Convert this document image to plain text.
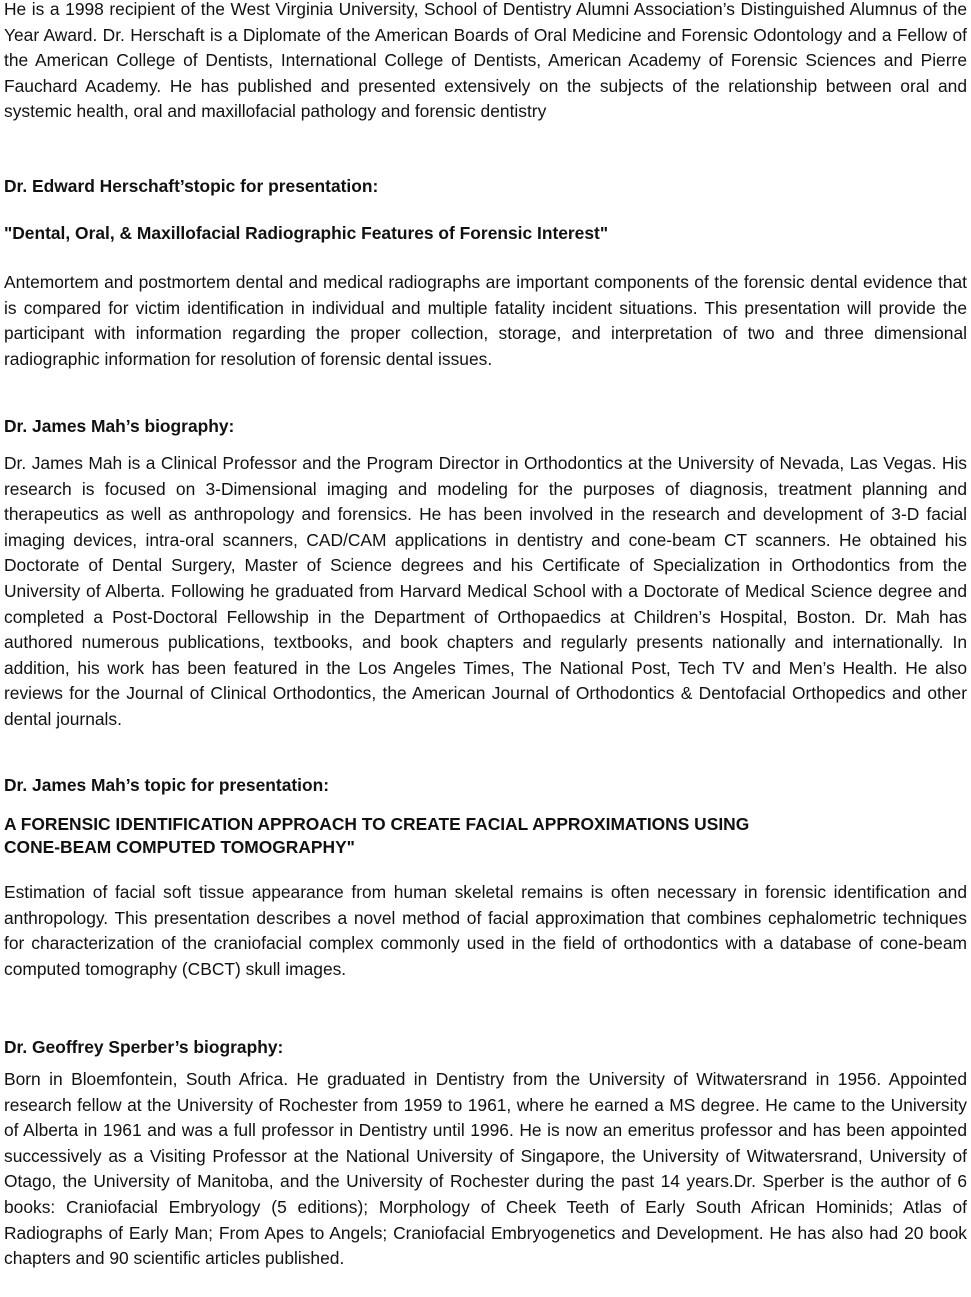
He is a 1998 recipient of the West Virginia University, School of Dentistry Alumni Association’s Distinguished Alumnus of the Year Award. Dr. Herschaft is a Diplomate of the American Boards of Oral Medicine and Forensic Odontology and a Fellow of the American College of Dentists, International College of Dentists, American Academy of Forensic Sciences and Pierre Fauchard Academy. He has published and presented extensively on the subjects of the relationship between oral and systemic health, oral and maxillofacial pathology and forensic dentistry

Dr. Edward Herschaft’stopic for presentation:

"Dental, Oral, & Maxillofacial Radiographic Features of Forensic Interest"

Antemortem and postmortem dental and medical radiographs are important components of the forensic dental evidence that is compared for victim identification in individual and multiple fatality incident situations. This presentation will provide the participant with information regarding the proper collection, storage, and interpretation of two and three dimensional radiographic information for resolution of forensic dental issues.

Dr. James Mah’s biography:

Dr. James Mah is a Clinical Professor and the Program Director in Orthodontics at the University of Nevada, Las Vegas. His research is focused on 3-Dimensional imaging and modeling for the purposes of diagnosis, treatment planning and therapeutics as well as anthropology and forensics. He has been involved in the research and development of 3-D facial imaging devices, intra-oral scanners, CAD/CAM applications in dentistry and cone-beam CT scanners. He obtained his Doctorate of Dental Surgery, Master of Science degrees and his Certificate of Specialization in Orthodontics from the University of Alberta. Following he graduated from Harvard Medical School with a Doctorate of Medical Science degree and completed a Post-Doctoral Fellowship in the Department of Orthopaedics at Children’s Hospital, Boston. Dr. Mah has authored numerous publications, textbooks, and book chapters and regularly presents nationally and internationally. In addition, his work has been featured in the Los Angeles Times, The National Post, Tech TV and Men’s Health. He also reviews for the Journal of Clinical Orthodontics, the American Journal of Orthodontics & Dentofacial Orthopedics and other dental journals.

Dr. James Mah’s topic for presentation:

A FORENSIC IDENTIFICATION APPROACH TO CREATE FACIAL APPROXIMATIONS USING

CONE-BEAM COMPUTED TOMOGRAPHY"

Estimation of facial soft tissue appearance from human skeletal remains is often necessary in forensic identification and anthropology. This presentation describes a novel method of facial approximation that combines cephalometric techniques for characterization of the craniofacial complex commonly used in the field of orthodontics with a database of cone-beam computed tomography (CBCT) skull images.

Dr. Geoffrey Sperber’s biography:

Born in Bloemfontein, South Africa. He graduated in Dentistry from the University of Witwatersrand in 1956. Appointed research fellow at the University of Rochester from 1959 to 1961, where he earned a MS degree. He came to the University of Alberta in 1961 and was a full professor in Dentistry until 1996. He is now an emeritus professor and has been appointed successively as a Visiting Professor at the National University of Singapore, the University of Witwatersrand, University of Otago, the University of Manitoba, and the University of Rochester during the past 14 years.Dr. Sperber is the author of 6 books: Craniofacial Embryology (5 editions); Morphology of Cheek Teeth of Early South African Hominids; Atlas of Radiographs of Early Man; From Apes to Angels; Craniofacial Embryogenetics and Development. He has also had 20 book chapters and 90 scientific articles published.
